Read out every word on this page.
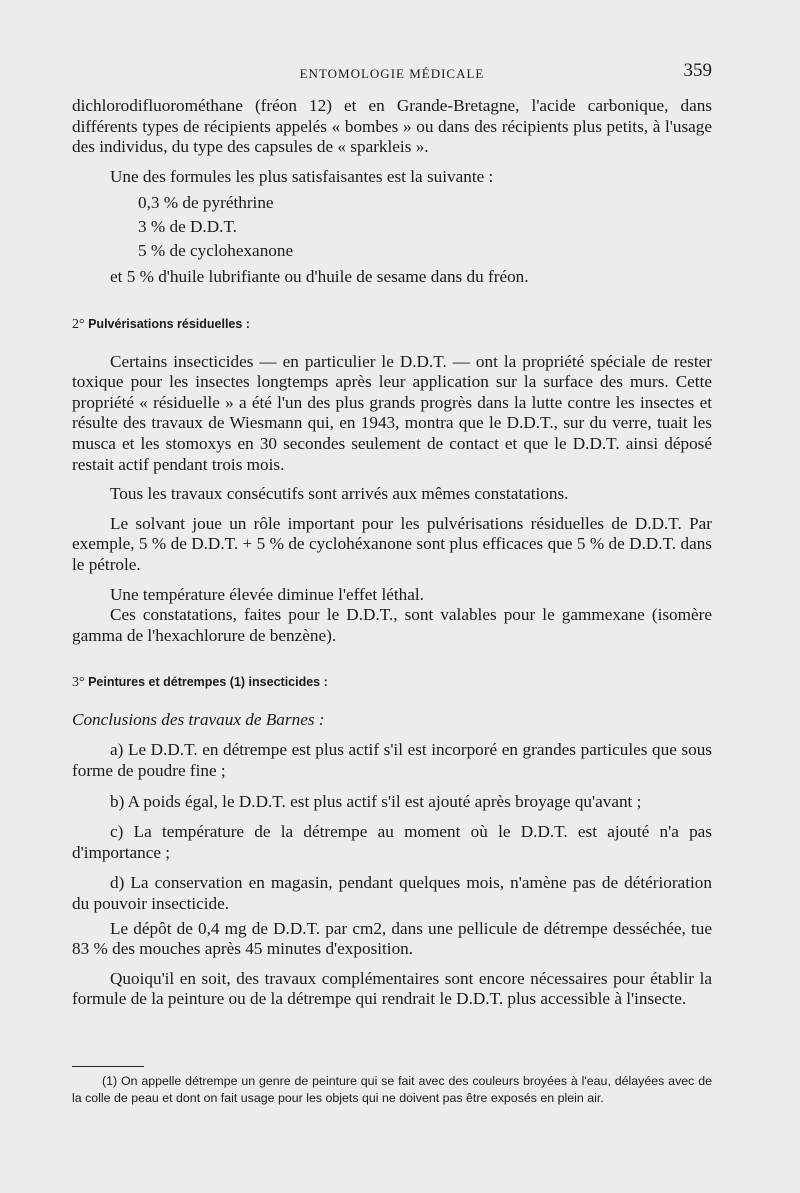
ENTOMOLOGIE MÉDICALE	359

dichlorodifluorométhane (fréon 12) et en Grande-Bretagne, l'acide carbonique, dans différents types de récipients appelés « bombes » ou dans des récipients plus petits, à l'usage des individus, du type des capsules de « sparkleis ».

Une des formules les plus satisfaisantes est la suivante :

0,3 % de pyréthrine
3 % de D.D.T.
5 % de cyclohexanone

et 5 % d'huile lubrifiante ou d'huile de sesame dans du fréon.

2° Pulvérisations résiduelles :

Certains insecticides — en particulier le D.D.T. — ont la propriété spéciale de rester toxique pour les insectes longtemps après leur application sur la surface des murs. Cette propriété « résiduelle » a été l'un des plus grands progrès dans la lutte contre les insectes et résulte des travaux de Wiesmann qui, en 1943, montra que le D.D.T., sur du verre, tuait les musca et les stomoxys en 30 secondes seulement de contact et que le D.D.T. ainsi déposé restait actif pendant trois mois.

Tous les travaux consécutifs sont arrivés aux mêmes constatations.

Le solvant joue un rôle important pour les pulvérisations résiduelles de D.D.T. Par exemple, 5 % de D.D.T. + 5 % de cyclohéxanone sont plus efficaces que 5 % de D.D.T. dans le pétrole.

Une température élevée diminue l'effet léthal.

Ces constatations, faites pour le D.D.T., sont valables pour le gammexane (isomère gamma de l'hexachlorure de benzène).

3° Peintures et détrempes (1) insecticides :

Conclusions des travaux de Barnes :

a) Le D.D.T. en détrempe est plus actif s'il est incorporé en grandes particules que sous forme de poudre fine ;

b) A poids égal, le D.D.T. est plus actif s'il est ajouté après broyage qu'avant ;

c) La température de la détrempe au moment où le D.D.T. est ajouté n'a pas d'importance ;

d) La conservation en magasin, pendant quelques mois, n'amène pas de détérioration du pouvoir insecticide.

Le dépôt de 0,4 mg de D.D.T. par cm2, dans une pellicule de détrempe desséchée, tue 83 % des mouches après 45 minutes d'exposition.

Quoiqu'il en soit, des travaux complémentaires sont encore nécessaires pour établir la formule de la peinture ou de la détrempe qui rendrait le D.D.T. plus accessible à l'insecte.

(1) On appelle détrempe un genre de peinture qui se fait avec des couleurs broyées à l'eau, délayées avec de la colle de peau et dont on fait usage pour les objets qui ne doivent pas être exposés en plein air.
